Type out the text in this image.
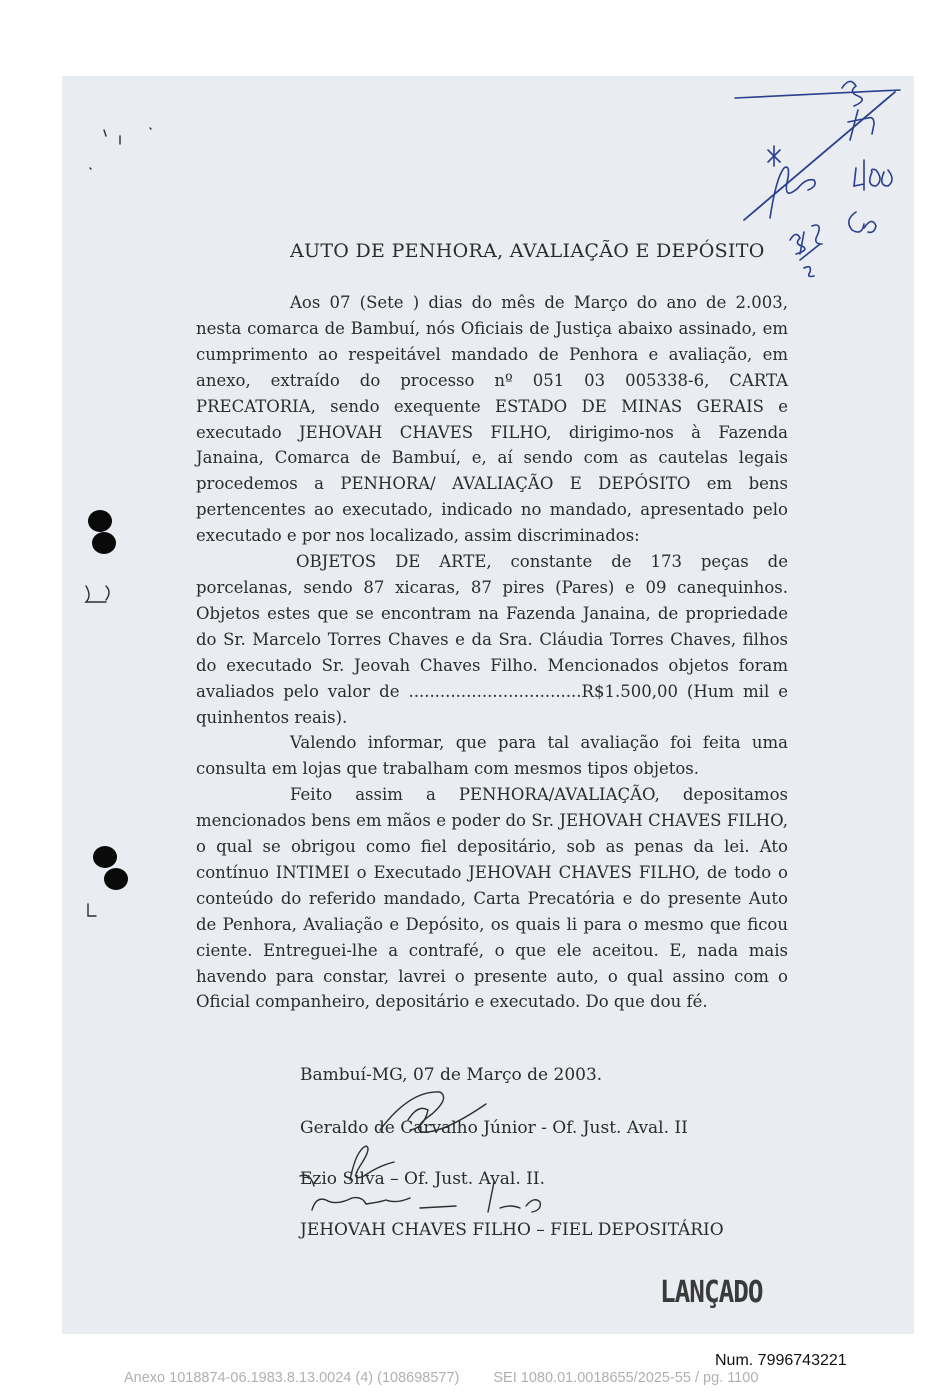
AUTO DE PENHORA, AVALIAÇÃO E DEPÓSITO

Aos 07 (Sete ) dias do mês de Março do ano de 2.003, nesta comarca de Bambuí, nós Oficiais de Justiça abaixo assinado, em cumprimento ao respeitável mandado de Penhora e avaliação, em anexo, extraído do processo nº 051 03 005338-6, CARTA PRECATORIA, sendo exequente ESTADO DE MINAS GERAIS e executado JEHOVAH CHAVES FILHO, dirigimo-nos à Fazenda Janaina, Comarca de Bambuí, e, aí sendo com as cautelas legais procedemos a PENHORA/ AVALIAÇÃO E DEPÓSITO em bens pertencentes ao executado, indicado no mandado, apresentado pelo executado e por nos localizado, assim discriminados:

OBJETOS DE ARTE, constante de 173 peças de porcelanas, sendo 87 xicaras, 87 pires (Pares) e 09 canequinhos. Objetos estes que se encontram na Fazenda Janaina, de propriedade do Sr. Marcelo Torres Chaves e da Sra. Cláudia Torres Chaves, filhos do executado Sr. Jeovah Chaves Filho. Mencionados objetos foram avaliados pelo valor de .................................R$1.500,00 (Hum mil e quinhentos reais).

Valendo informar, que para tal avaliação foi feita uma consulta em lojas que trabalham com mesmos tipos objetos.

Feito assim a PENHORA/AVALIAÇÃO, depositamos mencionados bens em mãos e poder do Sr. JEHOVAH CHAVES FILHO, o qual se obrigou como fiel depositário, sob as penas da lei. Ato contínuo INTIMEI o Executado JEHOVAH CHAVES FILHO, de todo o conteúdo do referido mandado, Carta Precatória e do presente Auto de Penhora, Avaliação e Depósito, os quais li para o mesmo que ficou ciente. Entreguei-lhe a contrafé, o que ele aceitou. E, nada mais havendo para constar, lavrei o presente auto, o qual assino com o Oficial companheiro, depositário e executado. Do que dou fé.

Bambuí-MG, 07 de Março de 2003.
Geraldo de Carvalho Júnior - Of. Just. Aval. II
Ezio Silva – Of. Just. Aval. II.
JEHOVAH CHAVES FILHO – FIEL DEPOSITÁRIO
LANÇADO
Num. 7996743221
Anexo 1018874-06.1983.8.13.0024 (4) (108698577) SEI 1080.01.0018655/2025-55 / pg. 1100
